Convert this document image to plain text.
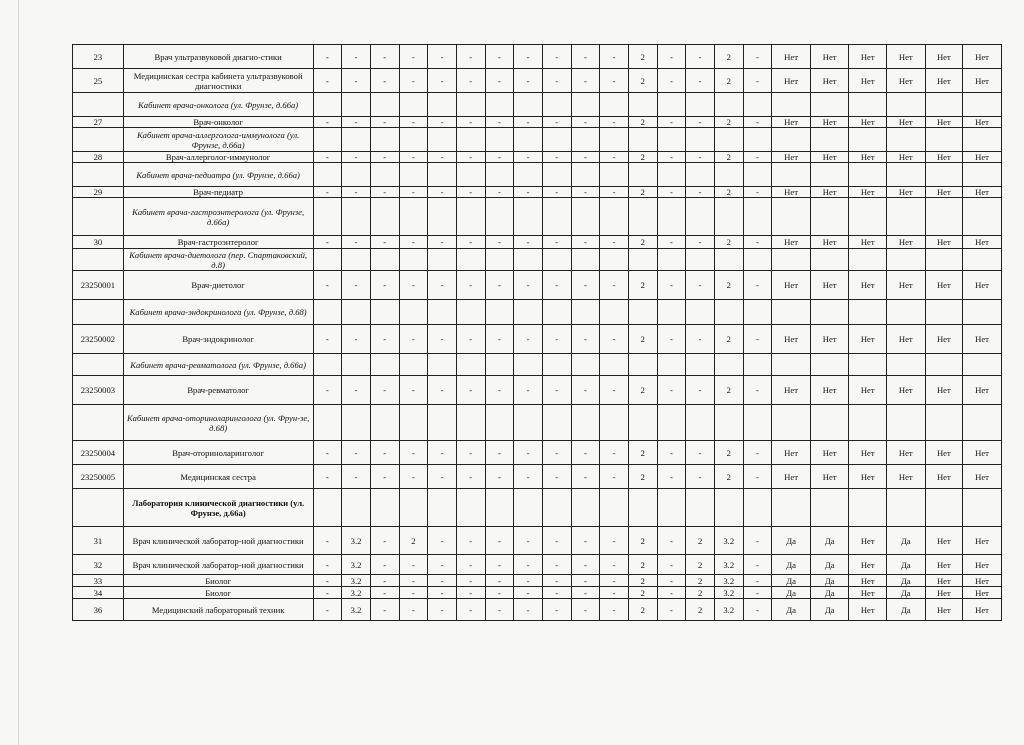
23	Врач ультразвуковой диагно-стики	-	-	-	-	-	-	-	-	-	-	-	2	-	-	2	-	Нет	Нет	Нет	Нет	Нет	Нет
25	Медицинская сестра кабинета ультразвуковой диагностики	-	-	-	-	-	-	-	-	-	-	-	2	-	-	2	-	Нет	Нет	Нет	Нет	Нет	Нет
	Кабинет врача-онколога (ул. Фрунзе, д.66а)																						
27	Врач-онколог	-	-	-	-	-	-	-	-	-	-	-	2	-	-	2	-	Нет	Нет	Нет	Нет	Нет	Нет
	Кабинет врача-аллерголога-иммунолога (ул. Фрунзе, д.66а)																						
28	Врач-аллерголог-иммунолог	-	-	-	-	-	-	-	-	-	-	-	2	-	-	2	-	Нет	Нет	Нет	Нет	Нет	Нет
	Кабинет врача-педиатра (ул. Фрунзе, д.66а)																						
29	Врач-педиатр	-	-	-	-	-	-	-	-	-	-	-	2	-	-	2	-	Нет	Нет	Нет	Нет	Нет	Нет
	Кабинет врача-гастроэнтеролога (ул. Фрунзе, д.66а)																						
30	Врач-гастроэнтеролог	-	-	-	-	-	-	-	-	-	-	-	2	-	-	2	-	Нет	Нет	Нет	Нет	Нет	Нет
	Кабинет врача-диетолога (пер. Спартаковский, д.8)																						
23250001	Врач-диетолог	-	-	-	-	-	-	-	-	-	-	-	2	-	-	2	-	Нет	Нет	Нет	Нет	Нет	Нет
	Кабинет врача-эндокринолога (ул. Фрунзе, д.68)																						
23250002	Врач-эндокринолог	-	-	-	-	-	-	-	-	-	-	-	2	-	-	2	-	Нет	Нет	Нет	Нет	Нет	Нет
	Кабинет врача-ревматолога (ул. Фрунзе, д.66а)																						
23250003	Врач-ревматолог	-	-	-	-	-	-	-	-	-	-	-	2	-	-	2	-	Нет	Нет	Нет	Нет	Нет	Нет
	Кабинет врача-оториноларинголога (ул. Фрун-зе, д.68)																						
23250004	Врач-оториноларинголог	-	-	-	-	-	-	-	-	-	-	-	2	-	-	2	-	Нет	Нет	Нет	Нет	Нет	Нет
23250005	Медицинская сестра	-	-	-	-	-	-	-	-	-	-	-	2	-	-	2	-	Нет	Нет	Нет	Нет	Нет	Нет
	Лаборатория клинической диагностики (ул. Фрунзе, д.66а)																						
31	Врач клинической лаборатор-ной диагностики	-	3.2	-	2	-	-	-	-	-	-	-	2	-	2	3.2	-	Да	Да	Нет	Да	Нет	Нет
32	Врач клинической лаборатор-ной диагностики	-	3.2	-	-	-	-	-	-	-	-	-	2	-	2	3.2	-	Да	Да	Нет	Да	Нет	Нет
33	Биолог	-	3.2	-	-	-	-	-	-	-	-	-	2	-	2	3.2	-	Да	Да	Нет	Да	Нет	Нет
34	Биолог	-	3.2	-	-	-	-	-	-	-	-	-	2	-	2	3.2	-	Да	Да	Нет	Да	Нет	Нет
36	Медицинский лабораторный техник	-	3.2	-	-	-	-	-	-	-	-	-	2	-	2	3.2	-	Да	Да	Нет	Да	Нет	Нет
